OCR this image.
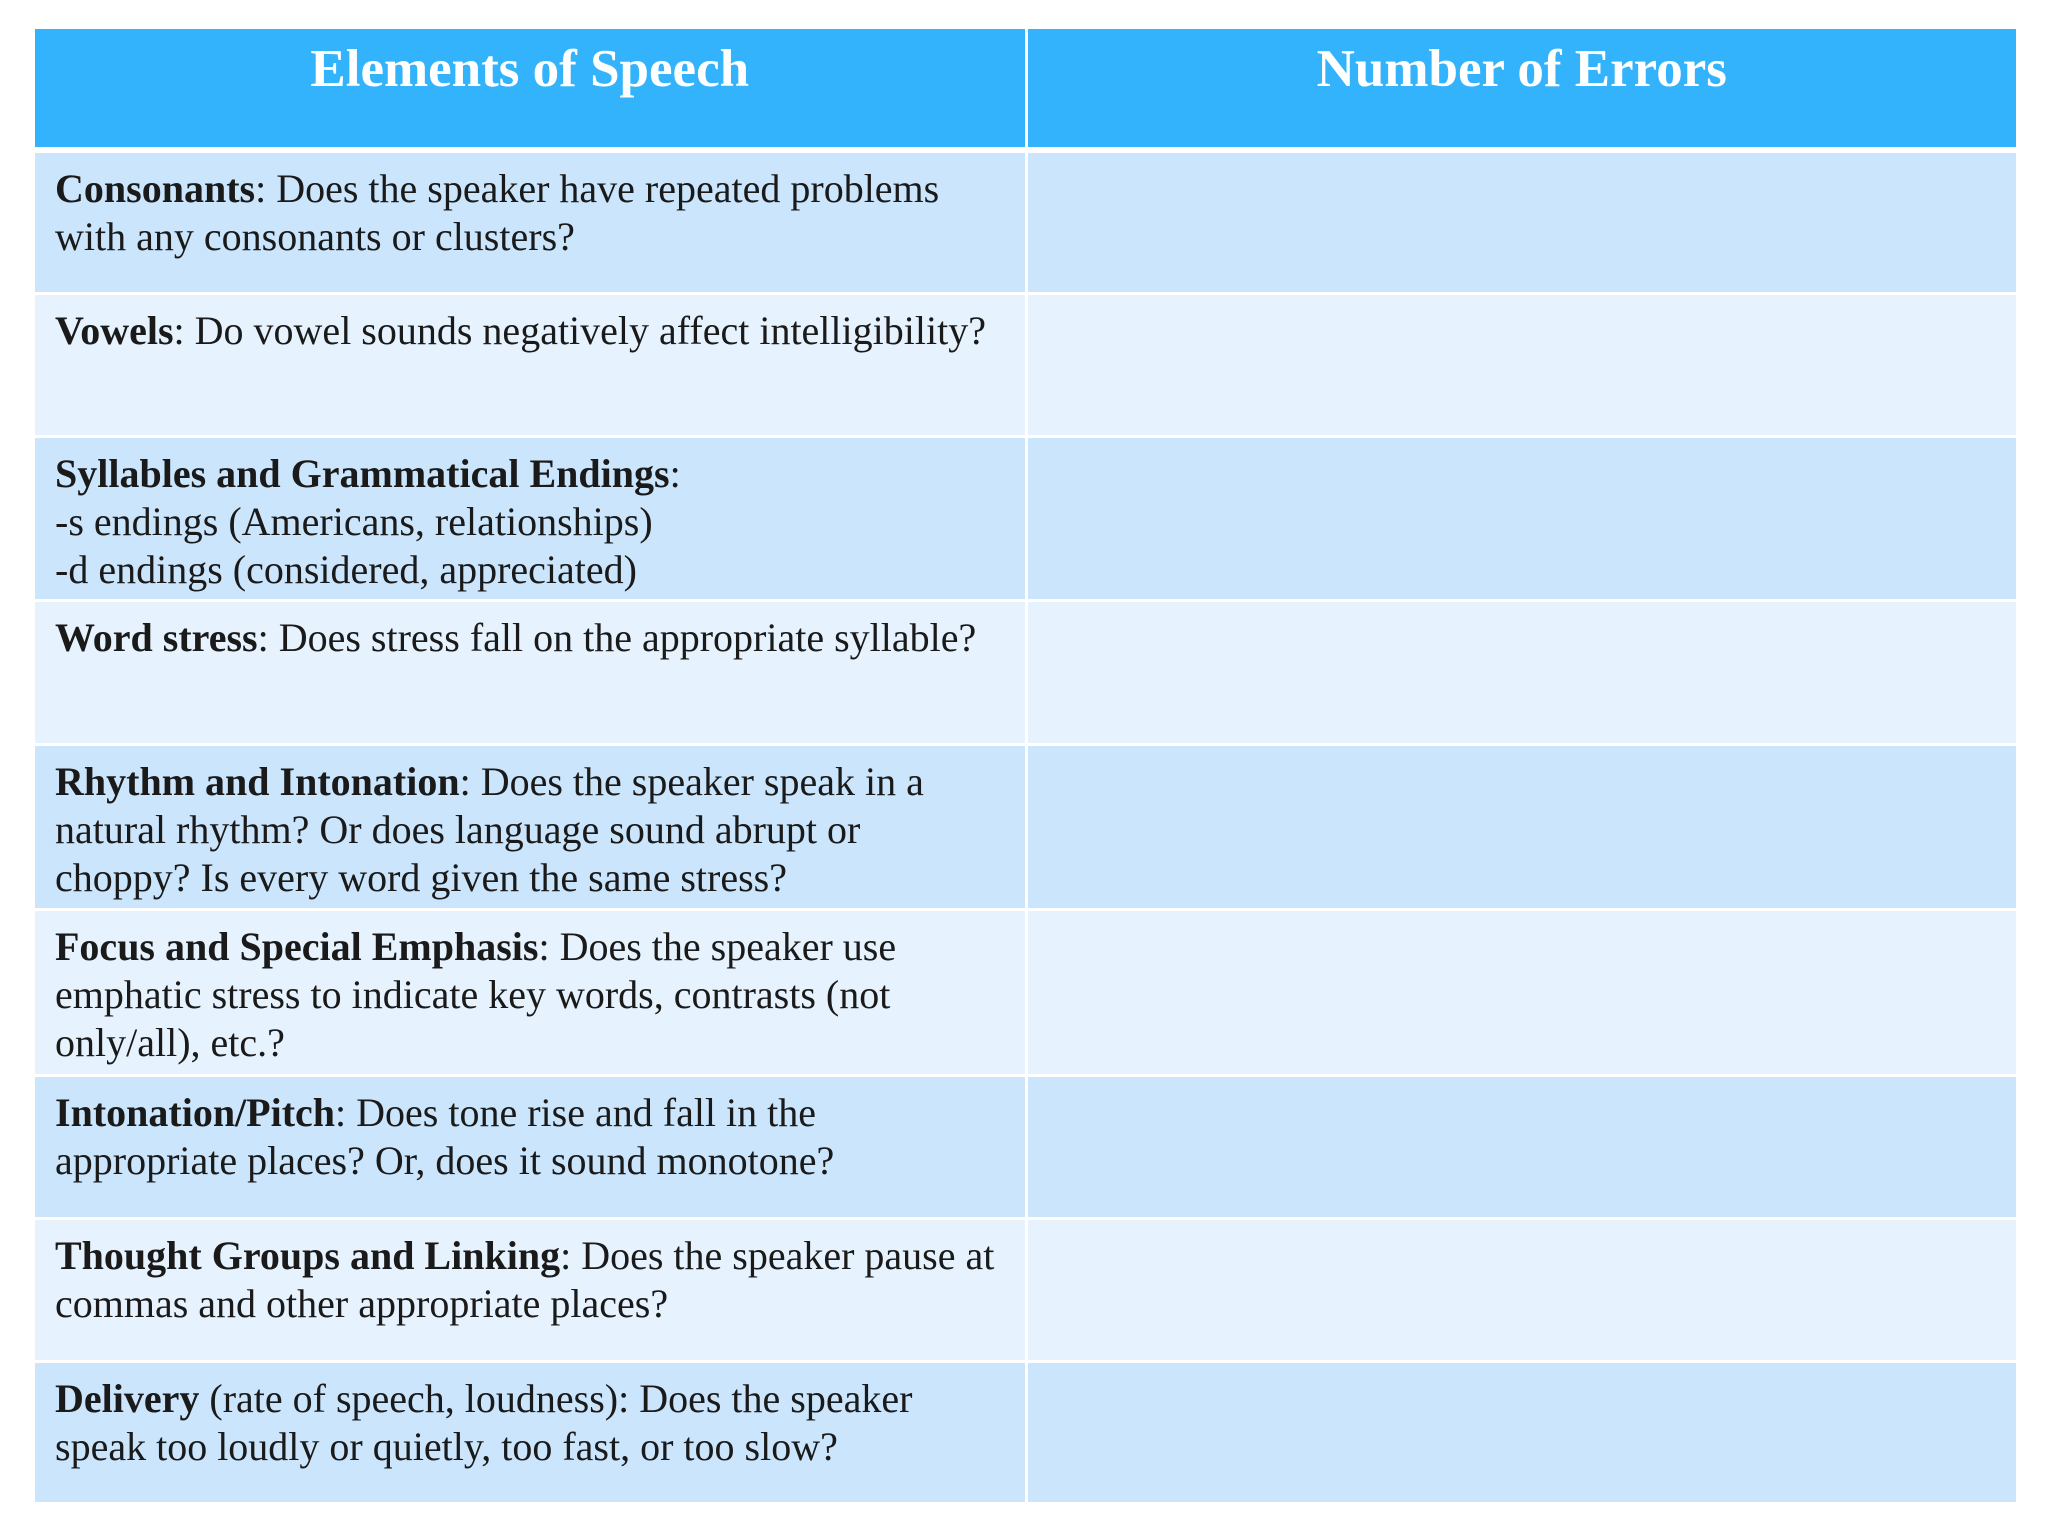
Elements of Speech	Number of Errors
Consonants: Does the speaker have repeated problems with any consonants or clusters?	
Vowels: Do vowel sounds negatively affect intelligibility?	
Syllables and Grammatical Endings:
-s endings (Americans, relationships)
-d endings (considered, appreciated)	

Word stress: Does stress fall on the appropriate syllable?	
Rhythm and Intonation: Does the speaker speak in a natural rhythm? Or does language sound abrupt or choppy? Is every word given the same stress?	
Focus and Special Emphasis: Does the speaker use emphatic stress to indicate key words, contrasts (not only/all), etc.?	
Intonation/Pitch: Does tone rise and fall in the appropriate places? Or, does it sound monotone?	
Thought Groups and Linking: Does the speaker pause at commas and other appropriate places?	
Delivery (rate of speech, loudness): Does the speaker speak too loudly or quietly, too fast, or too slow?	
